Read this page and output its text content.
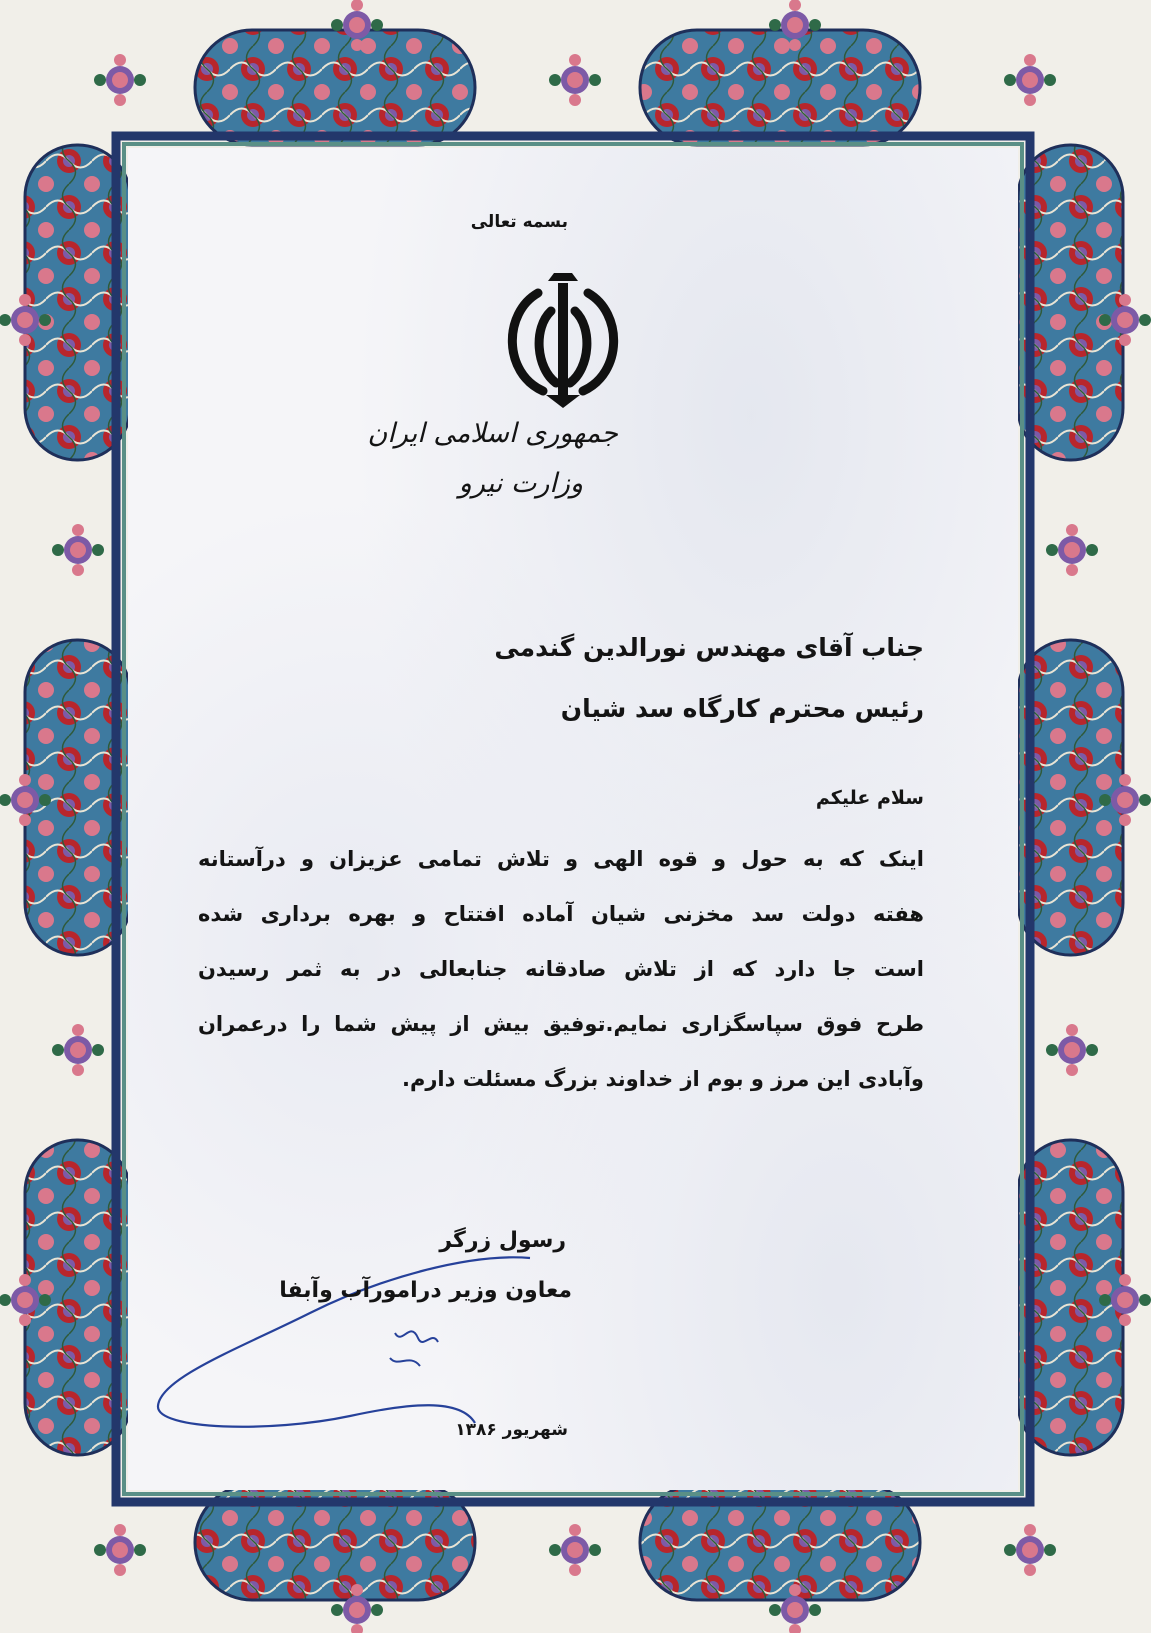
بسمه تعالی
جمهوری اسلامی ایران
وزارت نیرو
جناب آقای مهندس نورالدین گندمی
رئیس محترم کارگاه سد شیان
سلام علیکم
اینک که به حول و قوه الهی و تلاش تمامی عزیزان و درآستانه
هفته دولت سد مخزنی شیان آماده افتتاح و بهره برداری شده
است جا دارد که از تلاش صادقانه جنابعالی در به ثمر رسیدن
طرح فوق سپاسگزاری نمایم.توفیق بیش از پیش شما را درعمران
وآبادی این مرز و بوم از خداوند بزرگ مسئلت دارم.
رسول زرگر
معاون وزیر درامورآب وآبفا
شهریور ۱۳۸۶
